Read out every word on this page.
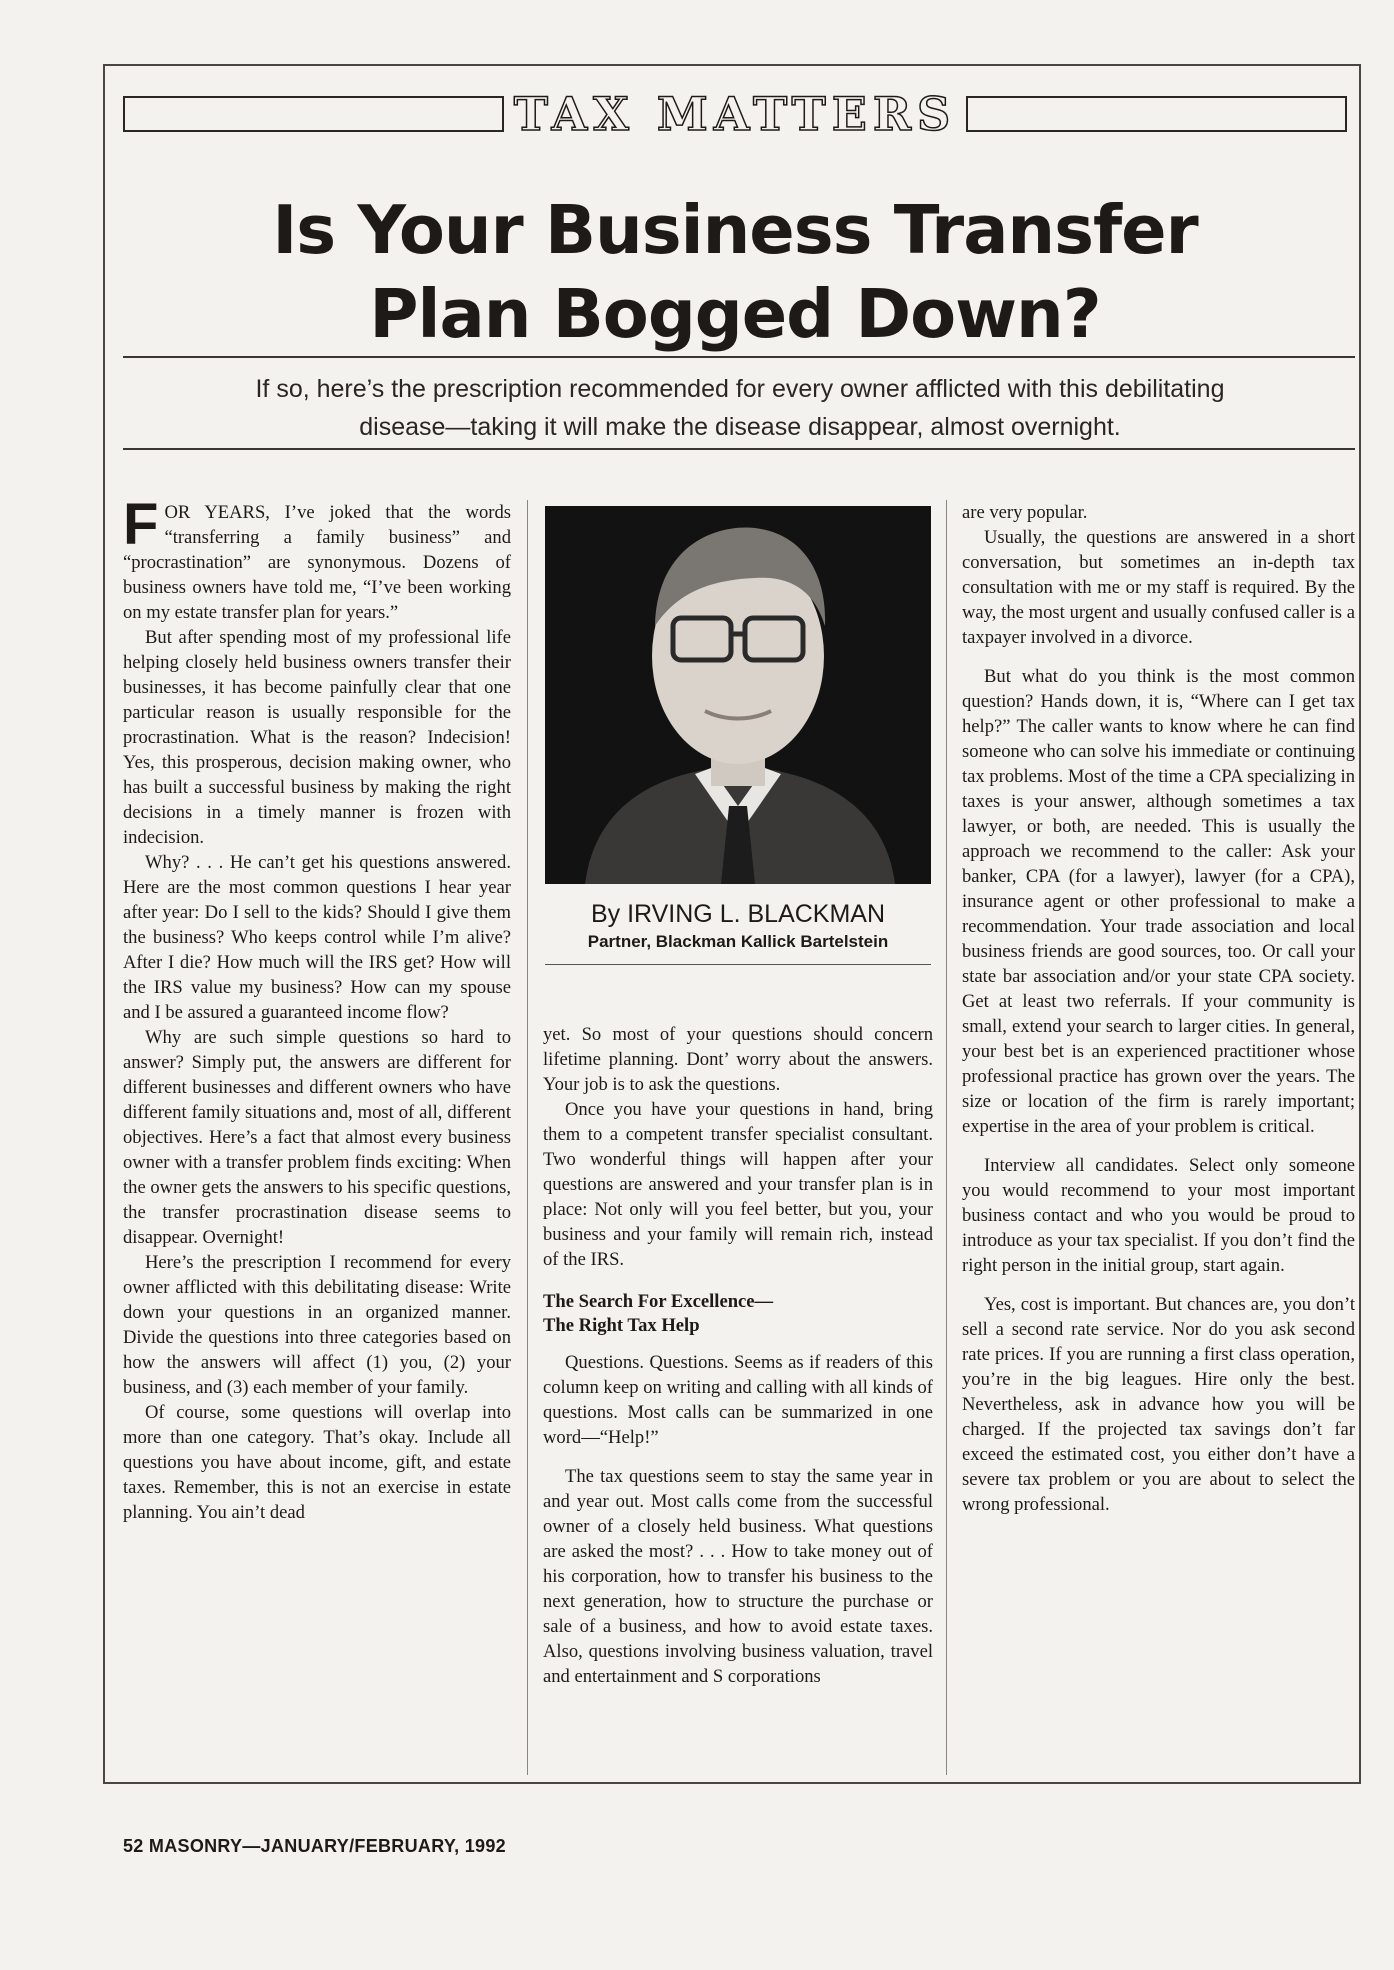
TAX MATTERS
Is Your Business Transfer
Plan Bogged Down?
If so, here’s the prescription recommended for every owner afflicted with this debilitating
disease—taking it will make the disease disappear, almost overnight.

FOR YEARS, I’ve joked that the words “transferring a family business” and “procrastination” are synonymous. Dozens of business owners have told me, “I’ve been working on my estate transfer plan for years.”

But after spending most of my professional life helping closely held business owners transfer their businesses, it has become painfully clear that one particular reason is usually responsible for the procrastination. What is the reason? Indecision! Yes, this prosperous, decision making owner, who has built a successful business by making the right decisions in a timely manner is frozen with indecision.

Why? . . . He can’t get his questions answered. Here are the most common questions I hear year after year: Do I sell to the kids? Should I give them the business? Who keeps control while I’m alive? After I die? How much will the IRS get? How will the IRS value my business? How can my spouse and I be assured a guaranteed income flow?

Why are such simple questions so hard to answer? Simply put, the answers are different for different businesses and different owners who have different family situations and, most of all, different objectives. Here’s a fact that almost every business owner with a transfer problem finds exciting: When the owner gets the answers to his specific questions, the transfer procrastination disease seems to disappear. Overnight!

Here’s the prescription I recommend for every owner afflicted with this debilitating disease: Write down your questions in an organized manner. Divide the questions into three categories based on how the answers will affect (1) you, (2) your business, and (3) each member of your family.

Of course, some questions will overlap into more than one category. That’s okay. Include all questions you have about income, gift, and estate taxes. Remember, this is not an exercise in estate planning. You ain’t dead

By IRVING L. BLACKMAN
Partner, Blackman Kallick Bartelstein

yet. So most of your questions should concern lifetime planning. Dont’ worry about the answers. Your job is to ask the questions.

Once you have your questions in hand, bring them to a competent transfer specialist consultant. Two wonderful things will happen after your questions are answered and your transfer plan is in place: Not only will you feel better, but you, your business and your family will remain rich, instead of the IRS.

The Search For Excellence—
The Right Tax Help

Questions. Questions. Seems as if readers of this column keep on writing and calling with all kinds of questions. Most calls can be summarized in one word—“Help!”

The tax questions seem to stay the same year in and year out. Most calls come from the successful owner of a closely held business. What questions are asked the most? . . . How to take money out of his corporation, how to transfer his business to the next generation, how to structure the purchase or sale of a business, and how to avoid estate taxes. Also, questions involving business valuation, travel and entertainment and S corporations

are very popular.

Usually, the questions are answered in a short conversation, but sometimes an in-depth tax consultation with me or my staff is required. By the way, the most urgent and usually confused caller is a taxpayer involved in a divorce.

But what do you think is the most common question? Hands down, it is, “Where can I get tax help?” The caller wants to know where he can find someone who can solve his immediate or continuing tax problems. Most of the time a CPA specializing in taxes is your answer, although sometimes a tax lawyer, or both, are needed. This is usually the approach we recommend to the caller: Ask your banker, CPA (for a lawyer), lawyer (for a CPA), insurance agent or other professional to make a recommendation. Your trade association and local business friends are good sources, too. Or call your state bar association and/or your state CPA society. Get at least two referrals. If your community is small, extend your search to larger cities. In general, your best bet is an experienced practitioner whose professional practice has grown over the years. The size or location of the firm is rarely important; expertise in the area of your problem is critical.

Interview all candidates. Select only someone you would recommend to your most important business contact and who you would be proud to introduce as your tax specialist. If you don’t find the right person in the initial group, start again.

Yes, cost is important. But chances are, you don’t sell a second rate service. Nor do you ask second rate prices. If you are running a first class operation, you’re in the big leagues. Hire only the best. Nevertheless, ask in advance how you will be charged. If the projected tax savings don’t far exceed the estimated cost, you either don’t have a severe tax problem or you are about to select the wrong professional.

52 MASONRY—JANUARY/FEBRUARY, 1992
